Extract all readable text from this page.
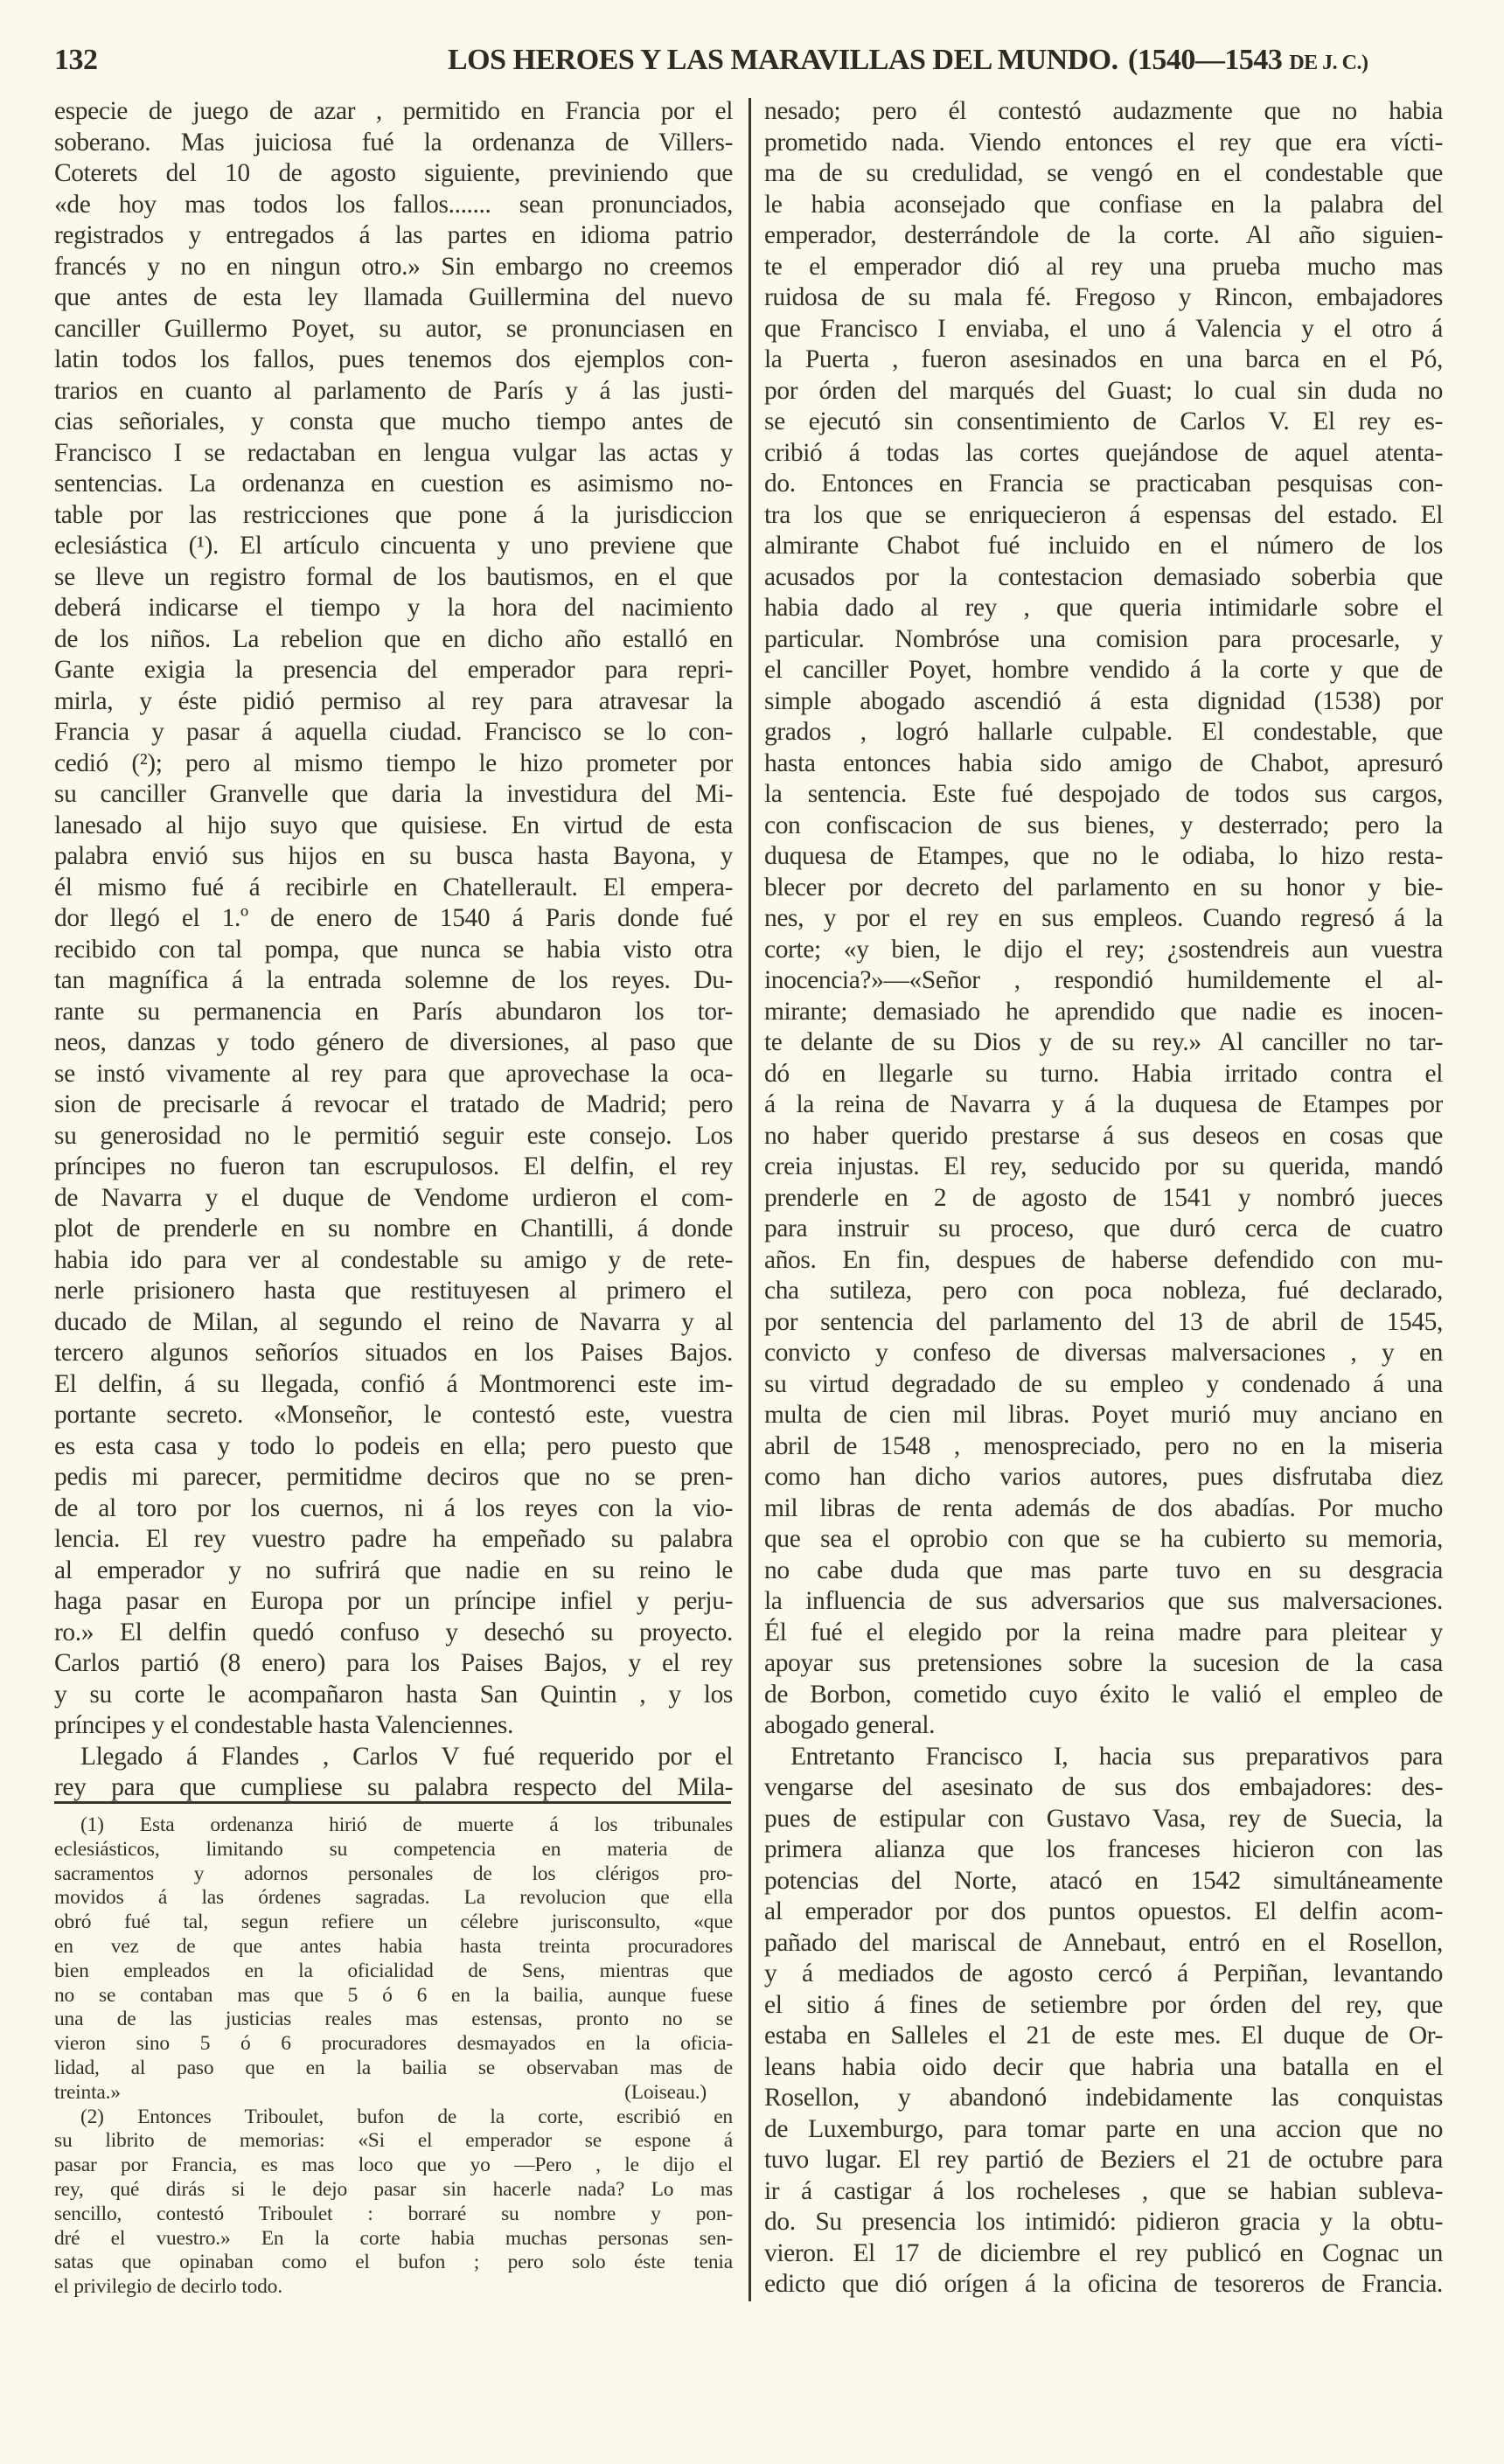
132	LOS HEROES Y LAS MARAVILLAS DEL MUNDO. (1540—1543 DE J. C.)
especie de juego de azar , permitido en Francia por el
soberano. Mas juiciosa fué la ordenanza de Villers-
Coterets del 10 de agosto siguiente, previniendo que
«de hoy mas todos los fallos....... sean pronunciados,
registrados y entregados á las partes en idioma patrio
francés y no en ningun otro.» Sin embargo no creemos
que antes de esta ley llamada Guillermina del nuevo
canciller Guillermo Poyet, su autor, se pronunciasen en
latin todos los fallos, pues tenemos dos ejemplos con-
trarios en cuanto al parlamento de París y á las justi-
cias señoriales, y consta que mucho tiempo antes de
Francisco I se redactaban en lengua vulgar las actas y
sentencias. La ordenanza en cuestion es asimismo no-
table por las restricciones que pone á la jurisdiccion
eclesiástica (¹). El artículo cincuenta y uno previene que
se lleve un registro formal de los bautismos, en el que
deberá indicarse el tiempo y la hora del nacimiento
de los niños. La rebelion que en dicho año estalló en
Gante exigia la presencia del emperador para repri-
mirla, y éste pidió permiso al rey para atravesar la
Francia y pasar á aquella ciudad. Francisco se lo con-
cedió (²); pero al mismo tiempo le hizo prometer por
su canciller Granvelle que daria la investidura del Mi-
lanesado al hijo suyo que quisiese. En virtud de esta
palabra envió sus hijos en su busca hasta Bayona, y
él mismo fué á recibirle en Chatellerault. El empera-
dor llegó el 1.º de enero de 1540 á Paris donde fué
recibido con tal pompa, que nunca se habia visto otra
tan magnífica á la entrada solemne de los reyes. Du-
rante su permanencia en París abundaron los tor-
neos, danzas y todo género de diversiones, al paso que
se instó vivamente al rey para que aprovechase la oca-
sion de precisarle á revocar el tratado de Madrid; pero
su generosidad no le permitió seguir este consejo. Los
príncipes no fueron tan escrupulosos. El delfin, el rey
de Navarra y el duque de Vendome urdieron el com-
plot de prenderle en su nombre en Chantilli, á donde
habia ido para ver al condestable su amigo y de rete-
nerle prisionero hasta que restituyesen al primero el
ducado de Milan, al segundo el reino de Navarra y al
tercero algunos señoríos situados en los Paises Bajos.
El delfin, á su llegada, confió á Montmorenci este im-
portante secreto. «Monseñor, le contestó este, vuestra
es esta casa y todo lo podeis en ella; pero puesto que
pedis mi parecer, permitidme deciros que no se pren-
de al toro por los cuernos, ni á los reyes con la vio-
lencia. El rey vuestro padre ha empeñado su palabra
al emperador y no sufrirá que nadie en su reino le
haga pasar en Europa por un príncipe infiel y perju-
ro.» El delfin quedó confuso y desechó su proyecto.
Carlos partió (8 enero) para los Paises Bajos, y el rey
y su corte le acompañaron hasta San Quintin , y los
príncipes y el condestable hasta Valenciennes.
Llegado á Flandes , Carlos V fué requerido por el
rey para que cumpliese su palabra respecto del Mila-
(1) Esta ordenanza hirió de muerte á los tribunales
eclesiásticos, limitando su competencia en materia de
sacramentos y adornos personales de los clérigos pro-
movidos á las órdenes sagradas. La revolucion que ella
obró fué tal, segun refiere un célebre jurisconsulto, «que
en vez de que antes habia hasta treinta procuradores
bien empleados en la oficialidad de Sens, mientras que
no se contaban mas que 5 ó 6 en la bailia, aunque fuese
una de las justicias reales mas estensas, pronto no se
vieron sino 5 ó 6 procuradores desmayados en la oficia-
lidad, al paso que en la bailia se observaban mas de
treinta.»	(Loiseau.)
(2) Entonces Triboulet, bufon de la corte, escribió en
su librito de memorias: «Si el emperador se espone á
pasar por Francia, es mas loco que yo —Pero , le dijo el
rey, qué dirás si le dejo pasar sin hacerle nada? Lo mas
sencillo, contestó Triboulet : borraré su nombre y pon-
dré el vuestro.» En la corte habia muchas personas sen-
satas que opinaban como el bufon ; pero solo éste tenia
el privilegio de decirlo todo.
nesado; pero él contestó audazmente que no habia
prometido nada. Viendo entonces el rey que era vícti-
ma de su credulidad, se vengó en el condestable que
le habia aconsejado que confiase en la palabra del
emperador, desterrándole de la corte. Al año siguien-
te el emperador dió al rey una prueba mucho mas
ruidosa de su mala fé. Fregoso y Rincon, embajadores
que Francisco I enviaba, el uno á Valencia y el otro á
la Puerta , fueron asesinados en una barca en el Pó,
por órden del marqués del Guast; lo cual sin duda no
se ejecutó sin consentimiento de Carlos V. El rey es-
cribió á todas las cortes quejándose de aquel atenta-
do. Entonces en Francia se practicaban pesquisas con-
tra los que se enriquecieron á espensas del estado. El
almirante Chabot fué incluido en el número de los
acusados por la contestacion demasiado soberbia que
habia dado al rey , que queria intimidarle sobre el
particular. Nombróse una comision para procesarle, y
el canciller Poyet, hombre vendido á la corte y que de
simple abogado ascendió á esta dignidad (1538) por
grados , logró hallarle culpable. El condestable, que
hasta entonces habia sido amigo de Chabot, apresuró
la sentencia. Este fué despojado de todos sus cargos,
con confiscacion de sus bienes, y desterrado; pero la
duquesa de Etampes, que no le odiaba, lo hizo resta-
blecer por decreto del parlamento en su honor y bie-
nes, y por el rey en sus empleos. Cuando regresó á la
corte; «y bien, le dijo el rey; ¿sostendreis aun vuestra
inocencia?»—«Señor , respondió humildemente el al-
mirante; demasiado he aprendido que nadie es inocen-
te delante de su Dios y de su rey.» Al canciller no tar-
dó en llegarle su turno. Habia irritado contra el
á la reina de Navarra y á la duquesa de Etampes por
no haber querido prestarse á sus deseos en cosas que
creia injustas. El rey, seducido por su querida, mandó
prenderle en 2 de agosto de 1541 y nombró jueces
para instruir su proceso, que duró cerca de cuatro
años. En fin, despues de haberse defendido con mu-
cha sutileza, pero con poca nobleza, fué declarado,
por sentencia del parlamento del 13 de abril de 1545,
convicto y confeso de diversas malversaciones , y en
su virtud degradado de su empleo y condenado á una
multa de cien mil libras. Poyet murió muy anciano en
abril de 1548 , menospreciado, pero no en la miseria
como han dicho varios autores, pues disfrutaba diez
mil libras de renta además de dos abadías. Por mucho
que sea el oprobio con que se ha cubierto su memoria,
no cabe duda que mas parte tuvo en su desgracia
la influencia de sus adversarios que sus malversaciones.
Él fué el elegido por la reina madre para pleitear y
apoyar sus pretensiones sobre la sucesion de la casa
de Borbon, cometido cuyo éxito le valió el empleo de
abogado general.
Entretanto Francisco I, hacia sus preparativos para
vengarse del asesinato de sus dos embajadores: des-
pues de estipular con Gustavo Vasa, rey de Suecia, la
primera alianza que los franceses hicieron con las
potencias del Norte, atacó en 1542 simultáneamente
al emperador por dos puntos opuestos. El delfin acom-
pañado del mariscal de Annebaut, entró en el Rosellon,
y á mediados de agosto cercó á Perpiñan, levantando
el sitio á fines de setiembre por órden del rey, que
estaba en Salleles el 21 de este mes. El duque de Or-
leans habia oido decir que habria una batalla en el
Rosellon, y abandonó indebidamente las conquistas
de Luxemburgo, para tomar parte en una accion que no
tuvo lugar. El rey partió de Beziers el 21 de octubre para
ir á castigar á los rocheleses , que se habian subleva-
do. Su presencia los intimidó: pidieron gracia y la obtu-
vieron. El 17 de diciembre el rey publicó en Cognac un
edicto que dió orígen á la oficina de tesoreros de Francia.
